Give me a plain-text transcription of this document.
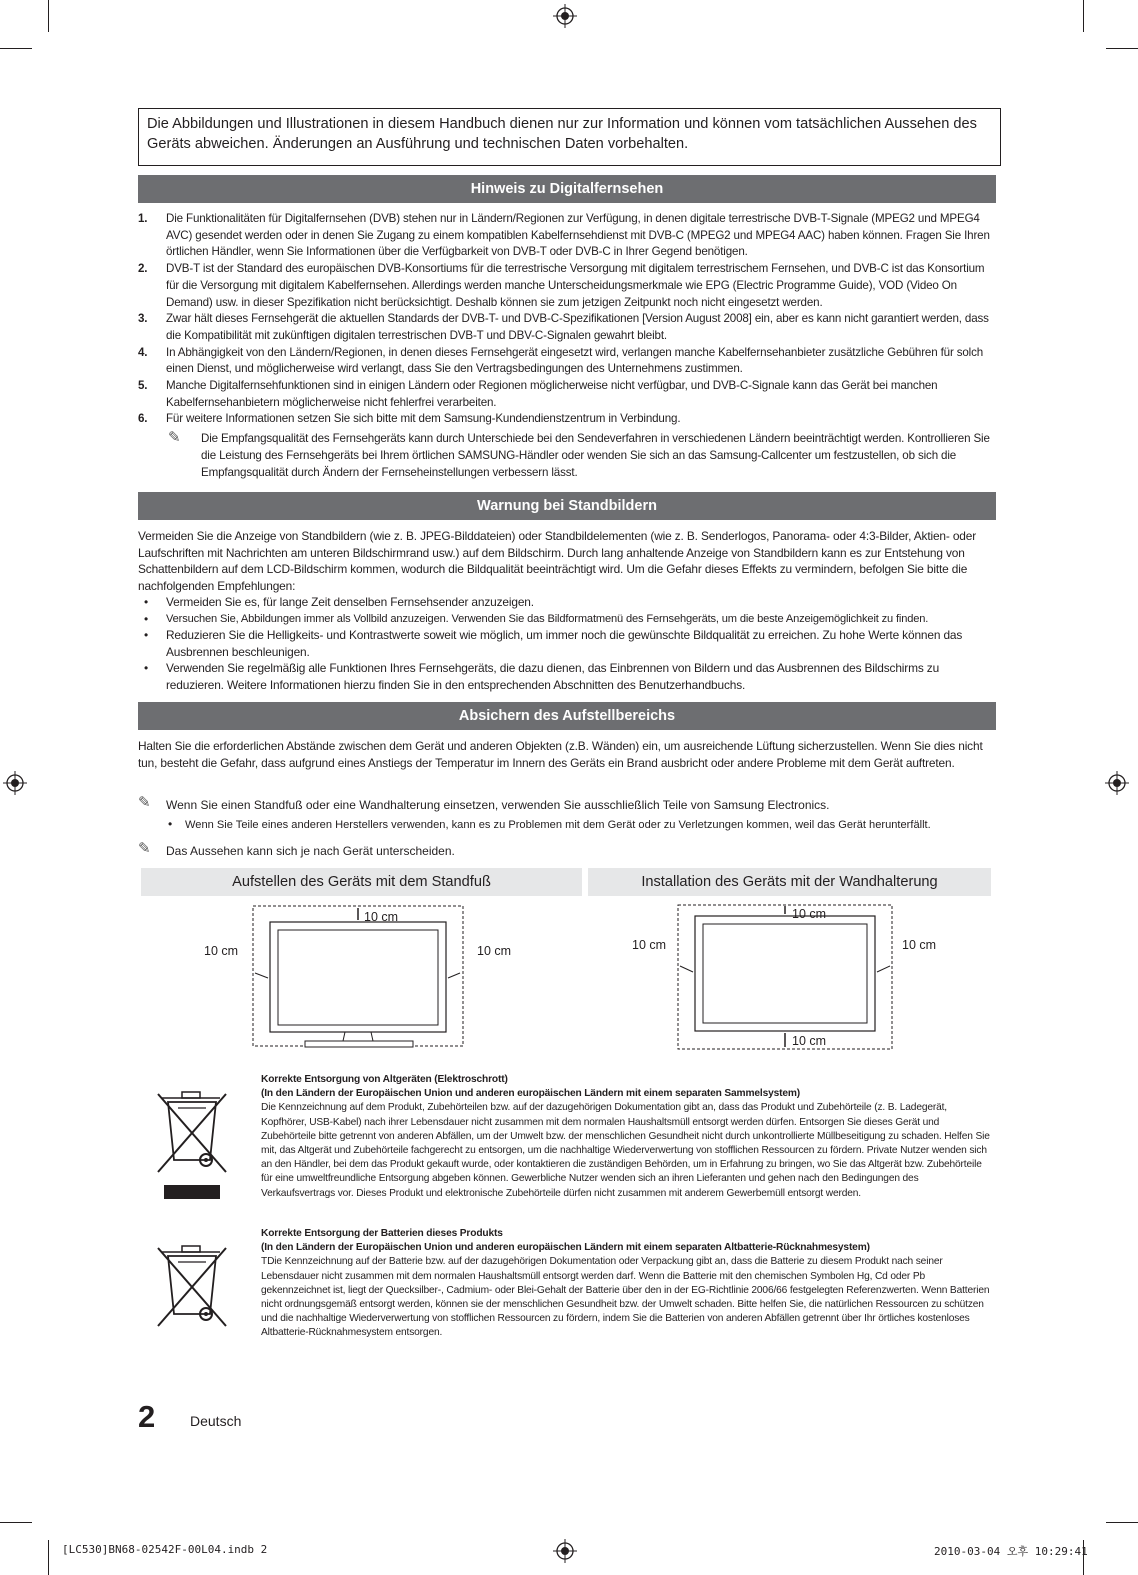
Die Abbildungen und Illustrationen in diesem Handbuch dienen nur zur Information und können vom tatsächlichen Aussehen des Geräts abweichen. Änderungen an Ausführung und technischen Daten vorbehalten.
Hinweis zu Digitalfernsehen
1. Die Funktionalitäten für Digitalfernsehen (DVB) stehen nur in Ländern/Regionen zur Verfügung, in denen digitale terrestrische DVB-T-Signale (MPEG2 und MPEG4 AVC) gesendet werden oder in denen Sie Zugang zu einem kompatiblen Kabelfernsehdienst mit DVB-C (MPEG2 und MPEG4 AAC) haben können. Fragen Sie Ihren örtlichen Händler, wenn Sie Informationen über die Verfügbarkeit von DVB-T oder DVB-C in Ihrer Gegend benötigen.
2. DVB-T ist der Standard des europäischen DVB-Konsortiums für die terrestrische Versorgung mit digitalem terrestrischem Fernsehen, und DVB-C ist das Konsortium für die Versorgung mit digitalem Kabelfernsehen. Allerdings werden manche Unterscheidungsmerkmale wie EPG (Electric Programme Guide), VOD (Video On Demand) usw. in dieser Spezifikation nicht berücksichtigt. Deshalb können sie zum jetzigen Zeitpunkt noch nicht eingesetzt werden.
3. Zwar hält dieses Fernsehgerät die aktuellen Standards der DVB-T- und DVB-C-Spezifikationen [Version August 2008] ein, aber es kann nicht garantiert werden, dass die Kompatibilität mit zukünftigen digitalen terrestrischen DVB-T und DBV-C-Signalen gewahrt bleibt.
4. In Abhängigkeit von den Ländern/Regionen, in denen dieses Fernsehgerät eingesetzt wird, verlangen manche Kabelfernsehanbieter zusätzliche Gebühren für solch einen Dienst, und möglicherweise wird verlangt, dass Sie den Vertragsbedingungen des Unternehmens zustimmen.
5. Manche Digitalfernsehfunktionen sind in einigen Ländern oder Regionen möglicherweise nicht verfügbar, und DVB-C-Signale kann das Gerät bei manchen Kabelfernsehanbietern möglicherweise nicht fehlerfrei verarbeiten.
6. Für weitere Informationen setzen Sie sich bitte mit dem Samsung-Kundendienstzentrum in Verbindung.
✎ Die Empfangsqualität des Fernsehgeräts kann durch Unterschiede bei den Sendeverfahren in verschiedenen Ländern beeinträchtigt werden. Kontrollieren Sie die Leistung des Fernsehgeräts bei Ihrem örtlichen SAMSUNG-Händler oder wenden Sie sich an das Samsung-Callcenter um festzustellen, ob sich die Empfangsqualität durch Ändern der Fernseheinstellungen verbessern lässt.
Warnung bei Standbildern
Vermeiden Sie die Anzeige von Standbildern (wie z. B. JPEG-Bilddateien) oder Standbildelementen (wie z. B. Senderlogos, Panorama- oder 4:3-Bilder, Aktien- oder Laufschriften mit Nachrichten am unteren Bildschirmrand usw.) auf dem Bildschirm. Durch lang anhaltende Anzeige von Standbildern kann es zur Entstehung von Schattenbildern auf dem LCD-Bildschirm kommen, wodurch die Bildqualität beeinträchtigt wird. Um die Gefahr dieses Effekts zu vermindern, befolgen Sie bitte die nachfolgenden Empfehlungen:
• Vermeiden Sie es, für lange Zeit denselben Fernsehsender anzuzeigen.
• Versuchen Sie, Abbildungen immer als Vollbild anzuzeigen. Verwenden Sie das Bildformatmenü des Fernsehgeräts, um die beste Anzeigemöglichkeit zu finden.
• Reduzieren Sie die Helligkeits- und Kontrastwerte soweit wie möglich, um immer noch die gewünschte Bildqualität zu erreichen. Zu hohe Werte können das Ausbrennen beschleunigen.
• Verwenden Sie regelmäßig alle Funktionen Ihres Fernsehgeräts, die dazu dienen, das Einbrennen von Bildern und das Ausbrennen des Bildschirms zu reduzieren. Weitere Informationen hierzu finden Sie in den entsprechenden Abschnitten des Benutzerhandbuchs.
Absichern des Aufstellbereichs
Halten Sie die erforderlichen Abstände zwischen dem Gerät und anderen Objekten (z.B. Wänden) ein, um ausreichende Lüftung sicherzustellen. Wenn Sie dies nicht tun, besteht die Gefahr, dass aufgrund eines Anstiegs der Temperatur im Innern des Geräts ein Brand ausbricht oder andere Probleme mit dem Gerät auftreten.
✎ Wenn Sie einen Standfuß oder eine Wandhalterung einsetzen, verwenden Sie ausschließlich Teile von Samsung Electronics.
• Wenn Sie Teile eines anderen Herstellers verwenden, kann es zu Problemen mit dem Gerät oder zu Verletzungen kommen, weil das Gerät herunterfällt.
✎ Das Aussehen kann sich je nach Gerät unterscheiden.
Aufstellen des Geräts mit dem Standfuß	Installation des Geräts mit der Wandhalterung
10 cm
10 cm	10 cm
10 cm
10 cm	10 cm
10 cm
Korrekte Entsorgung von Altgeräten (Elektroschrott)
(In den Ländern der Europäischen Union und anderen europäischen Ländern mit einem separaten Sammelsystem)
Die Kennzeichnung auf dem Produkt, Zubehörteilen bzw. auf der dazugehörigen Dokumentation gibt an, dass das Produkt und Zubehörteile (z. B. Ladegerät, Kopfhörer, USB-Kabel) nach ihrer Lebensdauer nicht zusammen mit dem normalen Haushaltsmüll entsorgt werden dürfen. Entsorgen Sie dieses Gerät und Zubehörteile bitte getrennt von anderen Abfällen, um der Umwelt bzw. der menschlichen Gesundheit nicht durch unkontrollierte Müllbeseitigung zu schaden. Helfen Sie mit, das Altgerät und Zubehörteile fachgerecht zu entsorgen, um die nachhaltige Wiederverwertung von stofflichen Ressourcen zu fördern. Private Nutzer wenden sich an den Händler, bei dem das Produkt gekauft wurde, oder kontaktieren die zuständigen Behörden, um in Erfahrung zu bringen, wo Sie das Altgerät bzw. Zubehörteile für eine umweltfreundliche Entsorgung abgeben können. Gewerbliche Nutzer wenden sich an ihren Lieferanten und gehen nach den Bedingungen des Verkaufsvertrags vor. Dieses Produkt und elektronische Zubehörteile dürfen nicht zusammen mit anderem Gewerbemüll entsorgt werden.
Korrekte Entsorgung der Batterien dieses Produkts
(In den Ländern der Europäischen Union und anderen europäischen Ländern mit einem separaten Altbatterie-Rücknahmesystem)
TDie Kennzeichnung auf der Batterie bzw. auf der dazugehörigen Dokumentation oder Verpackung gibt an, dass die Batterie zu diesem Produkt nach seiner Lebensdauer nicht zusammen mit dem normalen Haushaltsmüll entsorgt werden darf. Wenn die Batterie mit den chemischen Symbolen Hg, Cd oder Pb gekennzeichnet ist, liegt der Quecksilber-, Cadmium- oder Blei-Gehalt der Batterie über den in der EG-Richtlinie 2006/66 festgelegten Referenzwerten. Wenn Batterien nicht ordnungsgemäß entsorgt werden, können sie der menschlichen Gesundheit bzw. der Umwelt schaden. Bitte helfen Sie, die natürlichen Ressourcen zu schützen und die nachhaltige Wiederverwertung von stofflichen Ressourcen zu fördern, indem Sie die Batterien von anderen Abfällen getrennt über Ihr örtliches kostenloses Altbatterie-Rücknahmesystem entsorgen.
2 Deutsch
[LC530]BN68-02542F-00L04.indb 2	2010-03-04 오후 10:29:41
